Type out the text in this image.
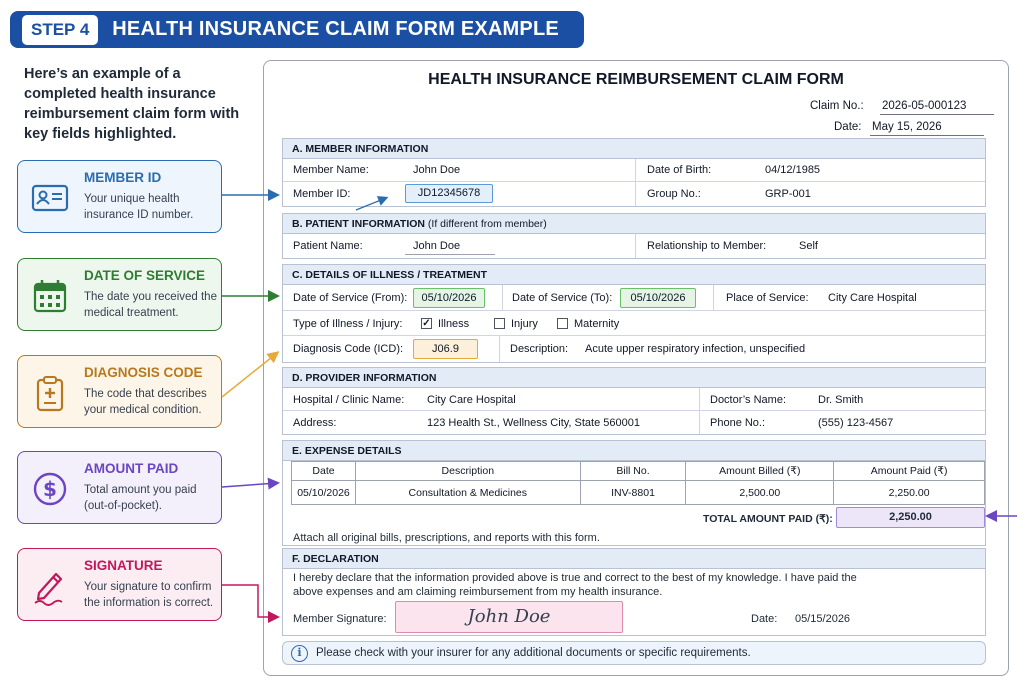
STEP 4	HEALTH INSURANCE CLAIM FORM EXAMPLE
Here’s an example of a completed health insurance reimbursement claim form with key fields highlighted.
MEMBER ID
Your unique health insurance ID number.
DATE OF SERVICE
The date you received the medical treatment.
DIAGNOSIS CODE
The code that describes your medical condition.
$
AMOUNT PAID
Total amount you paid (out-of-pocket).
SIGNATURE
Your signature to confirm the information is correct.
HEALTH INSURANCE REIMBURSEMENT CLAIM FORM
Claim No.: 2026-05-000123
Date: May 15, 2026
A. MEMBER INFORMATION
Member Name:	John Doe	Date of Birth:	04/12/1985
Member ID:	JD12345678	Group No.:	GRP-001
B. PATIENT INFORMATION (If different from member)
Patient Name:	John Doe	Relationship to Member:	Self
C. DETAILS OF ILLNESS / TREATMENT
Date of Service (From):	05/10/2026	Date of Service (To):	05/10/2026	Place of Service: City Care Hospital
Type of Illness / Injury: ✓ Illness	Injury	Maternity
Diagnosis Code (ICD):	J06.9	Description: Acute upper respiratory infection, unspecified
D. PROVIDER INFORMATION
Hospital / Clinic Name: City Care Hospital	Doctor’s Name:	Dr. Smith
Address:	123 Health St., Wellness City, State 560001	Phone No.:	(555) 123-4567
E. EXPENSE DETAILS
Date	Description	Bill No.	Amount Billed (₹)	Amount Paid (₹)
05/10/2026	Consultation & Medicines	INV-8801	2,500.00	2,250.00
TOTAL AMOUNT PAID (₹):	2,250.00
Attach all original bills, prescriptions, and reports with this form.
F. DECLARATION
I hereby declare that the information provided above is true and correct to the best of my knowledge. I have paid the
above expenses and am claiming reimbursement from my health insurance.
Member Signature:	John Doe	Date: 05/15/2026
i	Please check with your insurer for any additional documents or specific requirements.
